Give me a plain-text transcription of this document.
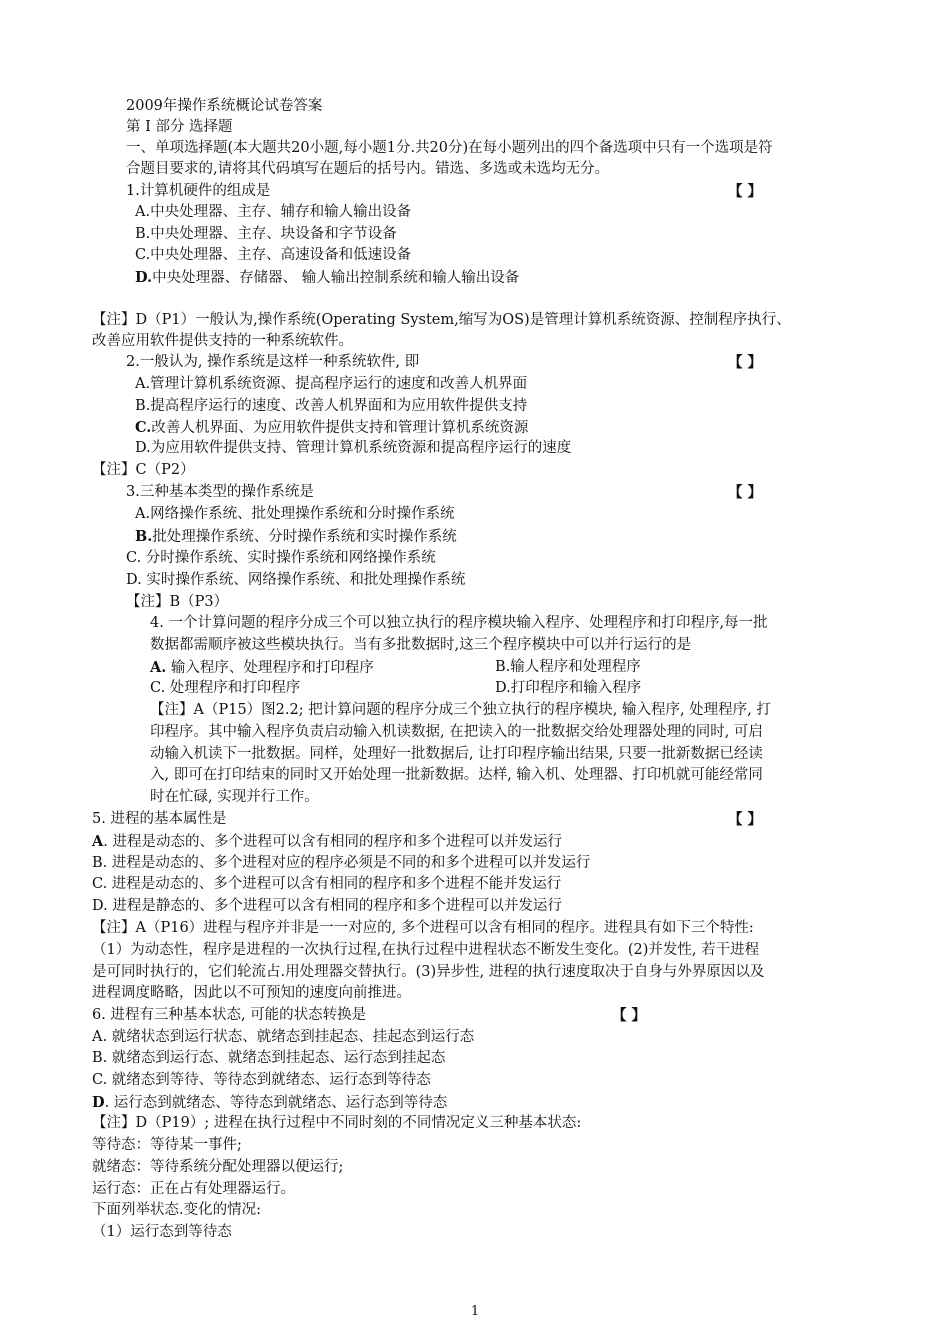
2009年操作系统概论试卷答案
第 I 部分 选择题
一、单项选择题(本大题共20小题,每小题1分.共20分)在每小题列出的四个备选项中只有一个选项是符
合题目要求的,请将其代码填写在题后的括号内。错选、多选或未选均无分。
1.计算机硬件的组成是	【 】
A.中央处理器、主存、辅存和输人输出设备
B.中央处理器、主存、块设备和字节设备
C.中央处理器、主存、高速设备和低速设备
D.中央处理器、存储器、 输人输出控制系统和输人输出设备
【注】D（P1）一般认为,操作系统(Operating System,缩写为OS)是管理计算机系统资源、控制程序执行、
改善应用软件提供支持的一种系统软件。
2.一般认为, 操作系统是这样一种系统软件, 即	【 】
A.管理计算机系统资源、提高程序运行的速度和改善人机界面
B.提高程序运行的速度、改善人机界面和为应用软件提供支持
C.改善人机界面、为应用软件提供支持和管理计算机系统资源
D.为应用软件提供支持、管理计算机系统资源和提高程序运行的速度
【注】C（P2）
3.三种基本类型的操作系统是	【 】
A.网络操作系统、批处理操作系统和分时操作系统
B.批处理操作系统、分时操作系统和实时操作系统
C. 分时操作系统、实时操作系统和网络操作系统
D. 实时操作系统、网络操作系统、和批处理操作系统
【注】B（P3）
4. 一个计算问题的程序分成三个可以独立执行的程序模块输入程序、处理程序和打印程序,每一批
数据都需顺序被这些模块执行。当有多批数据时,这三个程序模块中可以并行运行的是
A. 输入程序、处理程序和打印程序	B.输人程序和处理程序
C. 处理程序和打印程序	D.打印程序和输入程序
【注】A（P15）图2.2; 把计算问题的程序分成三个独立执行的程序模块, 输入程序, 处理程序, 打
印程序。其中输入程序负责启动输入机读数据, 在把读入的一批数据交给处理器处理的同时, 可启
动输入机读下一批数据。同样，处理好一批数据后, 让打印程序输出结果, 只要一批新数据已经读
入, 即可在打印结束的同时又开始处理一批新数据。达样, 输入机、处理器、打印机就可能经常同
时在忙碌, 实现并行工作。
5. 进程的基本属性是	【 】
A. 进程是动态的、多个进程可以含有相同的程序和多个进程可以并发运行
B. 进程是动态的、多个进程对应的程序必须是不同的和多个进程可以并发运行
C. 进程是动态的、多个进程可以含有相同的程序和多个进程不能并发运行
D. 进程是静态的、多个进程可以含有相同的程序和多个进程可以并发运行
【注】A（P16）进程与程序并非是一一对应的, 多个进程可以含有相同的程序。进程具有如下三个特性:
（1）为动态性，程序是进程的一次执行过程,在执行过程中进程状态不断发生变化。(2)并发性, 若干进程
是可同时执行的，它们轮流占.用处理器交替执行。(3)异步性, 进程的执行速度取决于自身与外界原因以及
进程调度略略，因此以不可预知的速度向前推进。
6. 进程有三种基本状态, 可能的状态转换是	【 】
A. 就绪状态到运行状态、就绪态到挂起态、挂起态到运行态
B. 就绪态到运行态、就绪态到挂起态、运行态到挂起态
C. 就绪态到等待、等待态到就绪态、运行态到等待态
D. 运行态到就绪态、等待态到就绪态、运行态到等待态
【注】D（P19）; 进程在执行过程中不同时刻的不同情况定义三种基本状态:
等待态：等待某一事件;
就绪态：等待系统分配处理器以便运行;
运行态：正在占有处理器运行。
下面列举状态.变化的情况:
（1）运行态到等待态
1
